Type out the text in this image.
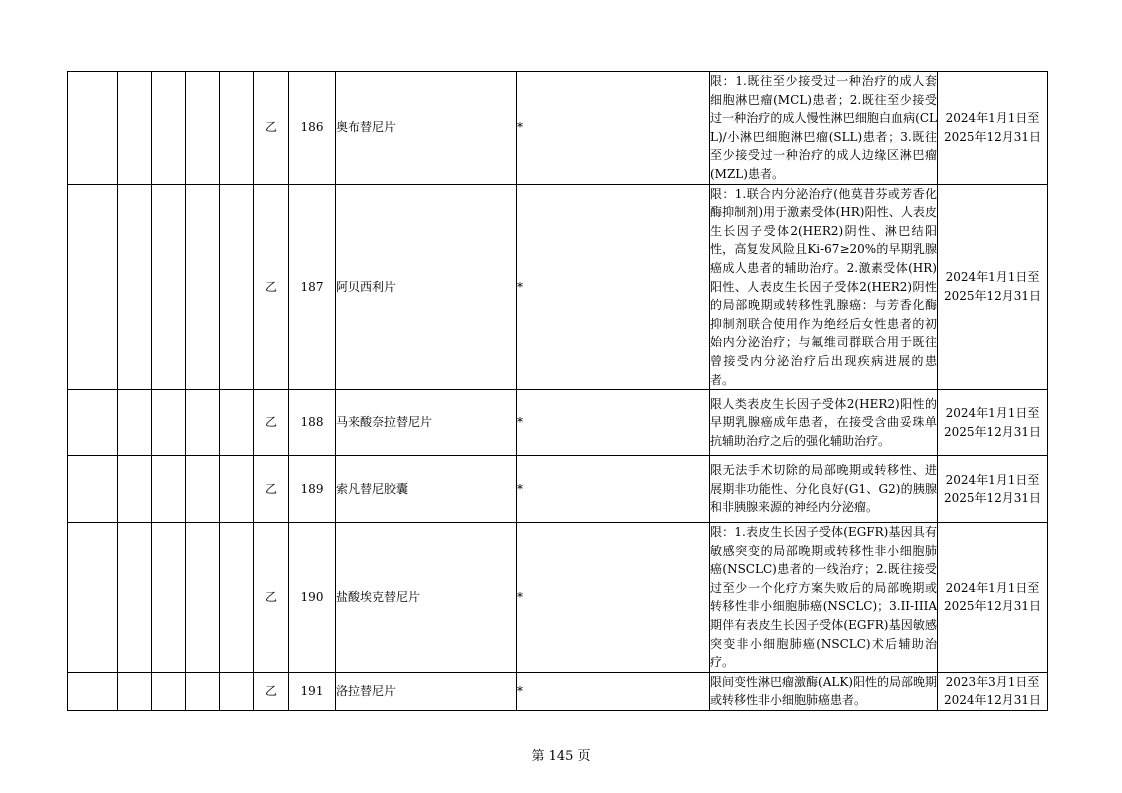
					乙	186	奥布替尼片	*	限：1.既往至少接受过一种治疗的成人套细胞淋巴瘤(MCL)患者；2.既往至少接受过一种治疗的成人慢性淋巴细胞白血病(CLL)/小淋巴细胞淋巴瘤(SLL)患者；3.既往至少接受过一种治疗的成人边缘区淋巴瘤(MZL)患者。	2024年1月1日至
2025年12月31日

					乙	187	阿贝西利片	*	限：1.联合内分泌治疗(他莫昔芬或芳香化酶抑制剂)用于激素受体(HR)阳性、人表皮生长因子受体2(HER2)阴性、淋巴结阳性，高复发风险且Ki-67≥20%的早期乳腺癌成人患者的辅助治疗。2.激素受体(HR)阳性、人表皮生长因子受体2(HER2)阴性的局部晚期或转移性乳腺癌：与芳香化酶抑制剂联合使用作为绝经后女性患者的初始内分泌治疗；与氟维司群联合用于既往曾接受内分泌治疗后出现疾病进展的患者。	2024年1月1日至
2025年12月31日

					乙	188	马来酸奈拉替尼片	*	限人类表皮生长因子受体2(HER2)阳性的早期乳腺癌成年患者，在接受含曲妥珠单抗辅助治疗之后的强化辅助治疗。	2024年1月1日至
2025年12月31日

					乙	189	索凡替尼胶囊	*	限无法手术切除的局部晚期或转移性、进展期非功能性、分化良好(G1、G2)的胰腺和非胰腺来源的神经内分泌瘤。	2024年1月1日至
2025年12月31日

					乙	190	盐酸埃克替尼片	*	限：1.表皮生长因子受体(EGFR)基因具有敏感突变的局部晚期或转移性非小细胞肺癌(NSCLC)患者的一线治疗；2.既往接受过至少一个化疗方案失败后的局部晚期或转移性非小细胞肺癌(NSCLC)；3.II-IIIA期伴有表皮生长因子受体(EGFR)基因敏感突变非小细胞肺癌(NSCLC)术后辅助治疗。	2024年1月1日至
2025年12月31日

					乙	191	洛拉替尼片	*	限间变性淋巴瘤激酶(ALK)阳性的局部晚期或转移性非小细胞肺癌患者。	2023年3月1日至
2024年12月31日
第 145 页
